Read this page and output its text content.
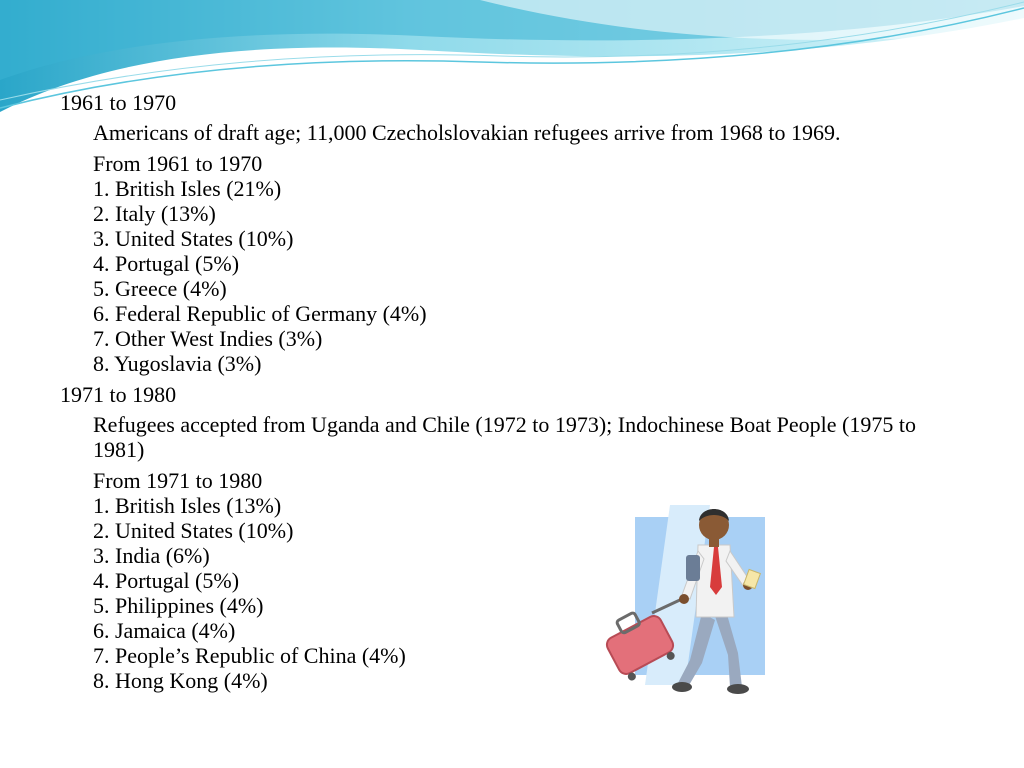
1961 to 1970
Americans of draft age; 11,000 Czecholslovakian refugees arrive from 1968 to 1969.
From 1961 to 1970
1. British Isles (21%)
2. Italy (13%)
3. United States (10%)
4. Portugal (5%)
5. Greece (4%)
6. Federal Republic of Germany (4%)
7. Other West Indies (3%)
8. Yugoslavia (3%)
1971 to 1980
Refugees accepted from Uganda and Chile (1972 to 1973); Indochinese Boat People (1975 to 1981)
From 1971 to 1980
1. British Isles (13%)
2. United States (10%)
3. India (6%)
4. Portugal (5%)
5. Philippines (4%)
6. Jamaica (4%)
7. People’s Republic of China (4%)
8. Hong Kong (4%)
